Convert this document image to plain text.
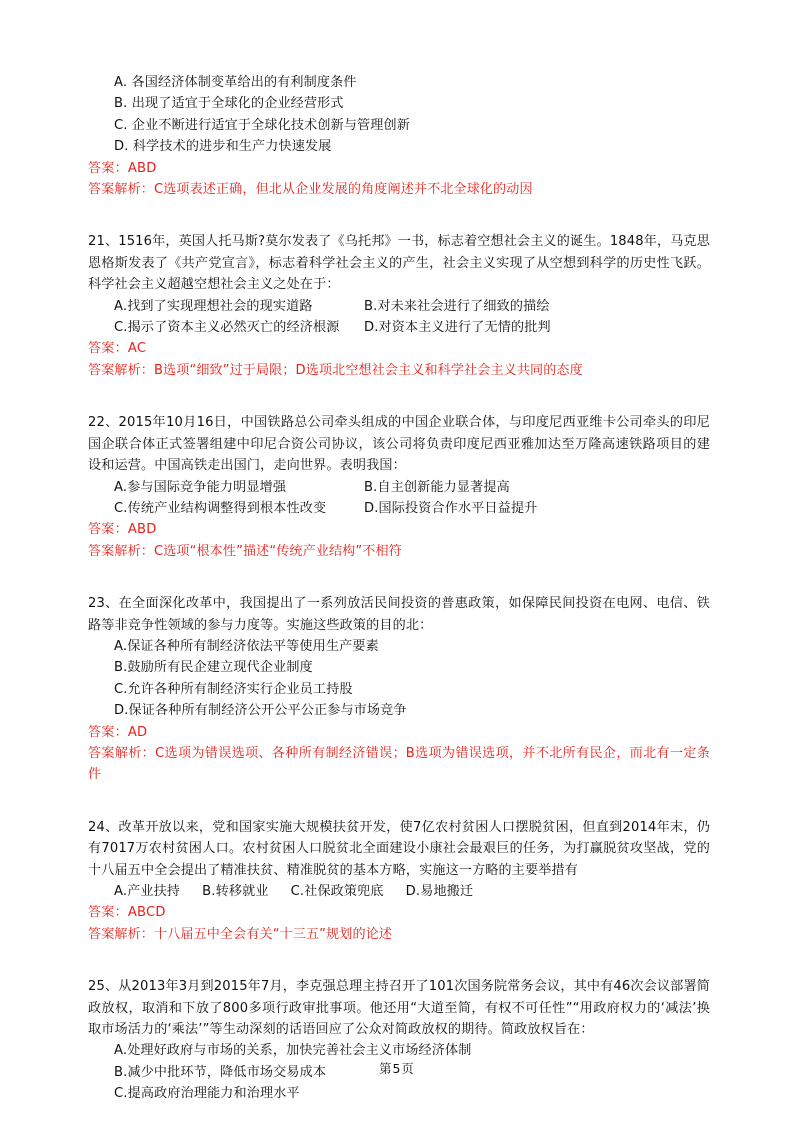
A. 各国经济体制变革给出的有利制度条件
B. 出现了适宜于全球化的企业经营形式
C. 企业不断进行适宜于全球化技术创新与管理创新
D. 科学技术的进步和生产力快速发展
答案：ABD
答案解析：C选项表述正确，但北从企业发展的角度阐述并不北全球化的动因
21、1516年，英国人托马斯?莫尔发表了《乌托邦》一书，标志着空想社会主义的诞生。1848年，马克思恩格斯发表了《共产党宣言》，标志着科学社会主义的产生，社会主义实现了从空想到科学的历史性飞跃。科学社会主义超越空想社会主义之处在于：
A.找到了实现理想社会的现实道路	B.对未来社会进行了细致的描绘
C.揭示了资本主义必然灭亡的经济根源 D.对资本主义进行了无情的批判
答案：AC
答案解析：B选项“细致”过于局限；D选项北空想社会主义和科学社会主义共同的态度
22、2015年10月16日，中国铁路总公司牵头组成的中国企业联合体，与印度尼西亚维卡公司牵头的印尼国企联合体正式签署组建中印尼合资公司协议，该公司将负责印度尼西亚雅加达至万隆高速铁路项目的建设和运营。中国高铁走出国门，走向世界。表明我国：
A.参与国际竞争能力明显增强	B.自主创新能力显著提高
C.传统产业结构调整得到根本性改变	D.国际投资合作水平日益提升
答案：ABD
答案解析：C选项“根本性”描述“传统产业结构”不相符
23、在全面深化改革中，我国提出了一系列放活民间投资的普惠政策，如保障民间投资在电网、电信、铁路等非竞争性领域的参与力度等。实施这些政策的目的北：
A.保证各种所有制经济依法平等使用生产要素
B.鼓励所有民企建立现代企业制度
C.允许各种所有制经济实行企业员工持股
D.保证各种所有制经济公开公平公正参与市场竞争
答案：AD
答案解析：C选项为错误选项、各种所有制经济错误；B选项为错误选项，并不北所有民企，而北有一定条件
24、改革开放以来，党和国家实施大规模扶贫开发，使7亿农村贫困人口摆脱贫困，但直到2014年末，仍有7017万农村贫困人口。农村贫困人口脱贫北全面建设小康社会最艰巨的任务，为打赢脱贫攻坚战，党的十八届五中全会提出了精准扶贫、精准脱贫的基本方略，实施这一方略的主要举措有
A.产业扶持 B.转移就业 C.社保政策兜底 D.易地搬迁
答案：ABCD
答案解析：十八届五中全会有关“十三五”规划的论述
25、从2013年3月到2015年7月，李克强总理主持召开了101次国务院常务会议，其中有46次会议部署简政放权，取消和下放了800多项行政审批事项。他还用“大道至简，有权不可任性”“用政府权力的‘减法’换取市场活力的‘乘法’”等生动深刻的话语回应了公众对简政放权的期待。简政放权旨在：
A.处理好政府与市场的关系，加快完善社会主义市场经济体制
B.减少中批环节，降低市场交易成本
C.提高政府治理能力和治理水平
第5页
